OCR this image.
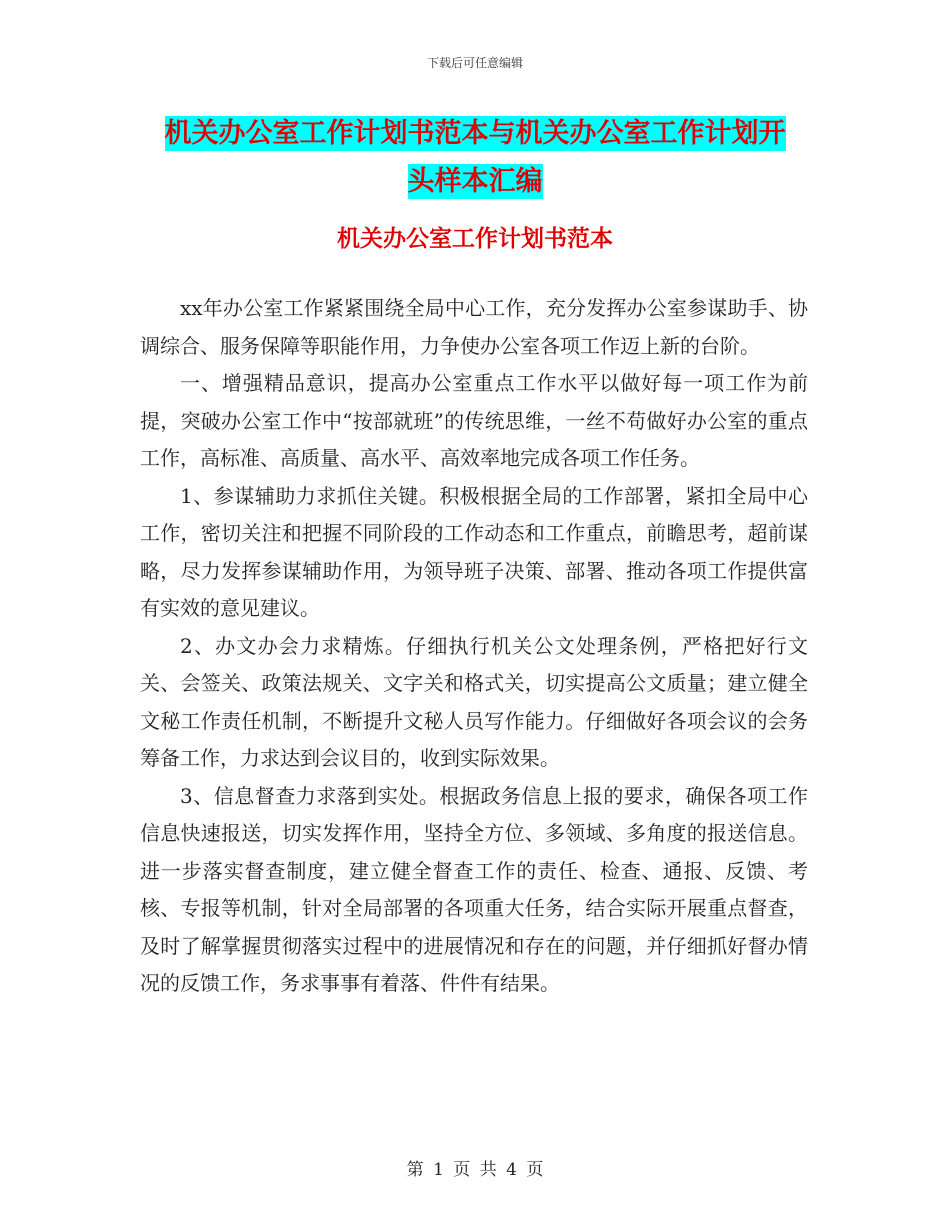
下载后可任意编辑
机关办公室工作计划书范本与机关办公室工作计划开
头样本汇编
机关办公室工作计划书范本

xx年办公室工作紧紧围绕全局中心工作，充分发挥办公室参谋助手、协调综合、服务保障等职能作用，力争使办公室各项工作迈上新的台阶。

一、增强精品意识，提高办公室重点工作水平以做好每一项工作为前提，突破办公室工作中“按部就班”的传统思维，一丝不苟做好办公室的重点工作，高标准、高质量、高水平、高效率地完成各项工作任务。

1、参谋辅助力求抓住关键。积极根据全局的工作部署，紧扣全局中心工作，密切关注和把握不同阶段的工作动态和工作重点，前瞻思考，超前谋略，尽力发挥参谋辅助作用，为领导班子决策、部署、推动各项工作提供富有实效的意见建议。

2、办文办会力求精炼。仔细执行机关公文处理条例，严格把好行文关、会签关、政策法规关、文字关和格式关，切实提高公文质量；建立健全文秘工作责任机制，不断提升文秘人员写作能力。仔细做好各项会议的会务筹备工作，力求达到会议目的，收到实际效果。

3、信息督查力求落到实处。根据政务信息上报的要求，确保各项工作信息快速报送，切实发挥作用，坚持全方位、多领域、多角度的报送信息。进一步落实督查制度，建立健全督查工作的责任、检查、通报、反馈、考核、专报等机制，针对全局部署的各项重大任务，结合实际开展重点督查，及时了解掌握贯彻落实过程中的进展情况和存在的问题，并仔细抓好督办情况的反馈工作，务求事事有着落、件件有结果。

第 1 页 共 4 页
